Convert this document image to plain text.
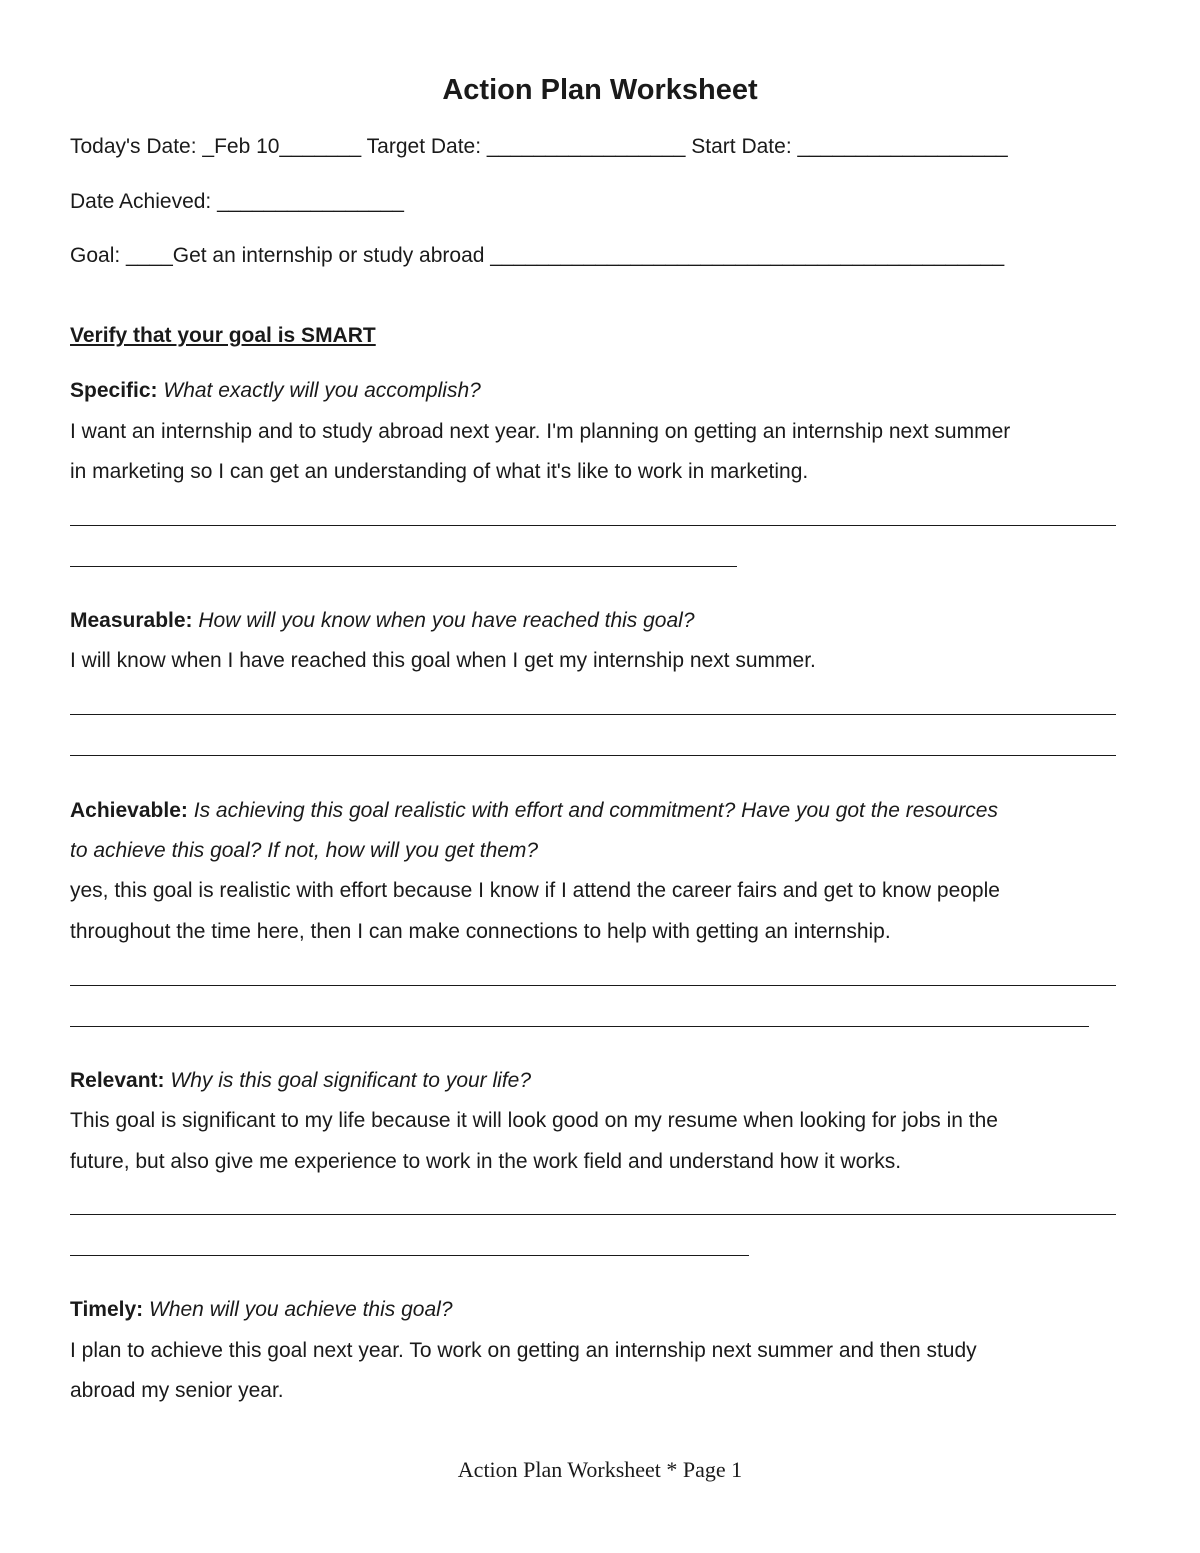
Action Plan Worksheet
Today's Date: _Feb 10_______ Target Date: _________________ Start Date: __________________
Date Achieved: ________________
Goal: ____Get an internship or study abroad ____________________________________________
Verify that your goal is SMART
Specific: What exactly will you accomplish?
I want an internship and to study abroad next year. I'm planning on getting an internship next summer
in marketing so I can get an understanding of what it's like to work in marketing.
Measurable: How will you know when you have reached this goal?
I will know when I have reached this goal when I get my internship next summer.
Achievable: Is achieving this goal realistic with effort and commitment? Have you got the resources
to achieve this goal? If not, how will you get them?
yes, this goal is realistic with effort because I know if I attend the career fairs and get to know people
throughout the time here, then I can make connections to help with getting an internship.
Relevant: Why is this goal significant to your life?
This goal is significant to my life because it will look good on my resume when looking for jobs in the
future, but also give me experience to work in the work field and understand how it works.
Timely: When will you achieve this goal?
I plan to achieve this goal next year. To work on getting an internship next summer and then study
abroad my senior year.
Action Plan Worksheet * Page 1
